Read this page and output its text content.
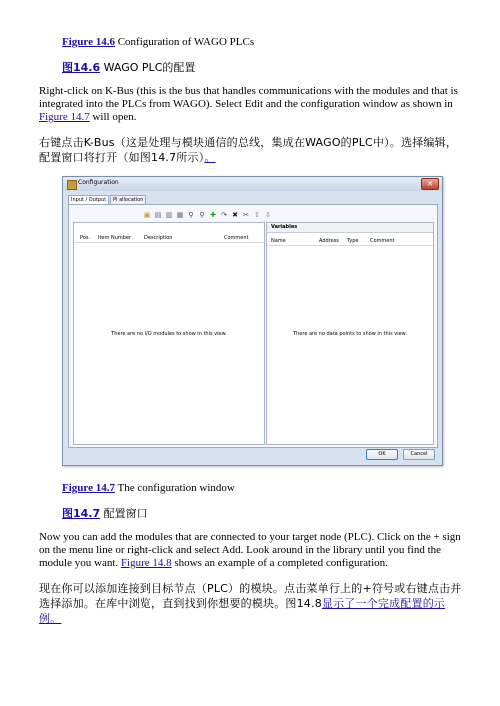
Figure 14.6 Configuration of WAGO PLCs
图14.6 WAGO PLC的配置
Right-click on K-Bus (this is the bus that handles communications with the modules and that is integrated into the PLCs from WAGO). Select Edit and the configuration window as shown in Figure 14.7 will open.
右键点击K-Bus（这是处理与模块通信的总线，集成在WAGO的PLC中）。选择编辑，配置窗口将打开（如图14.7所示）。
Configuration	✕
Input / Output	PI allocation
▣ ▤ ▥ ▦ ⚲ ⚲ ✚ ↷ ✖ ✂ ⇧ ⇩
Pos. Item Number	Description	Comment
There are no I/O modules to show in this view.
Variables
Name	Address Type Comment
There are no data points to show in this view.
OK	Cancel
Figure 14.7 The configuration window
图14.7 配置窗口
Now you can add the modules that are connected to your target node (PLC). Click on the + sign on the menu line or right-click and select Add. Look around in the library until you find the module you want. Figure 14.8 shows an example of a completed configuration.
现在你可以添加连接到目标节点（PLC）的模块。点击菜单行上的+符号或右键点击并选择添加。在库中浏览，直到找到你想要的模块。图14.8显示了一个完成配置的示例。
